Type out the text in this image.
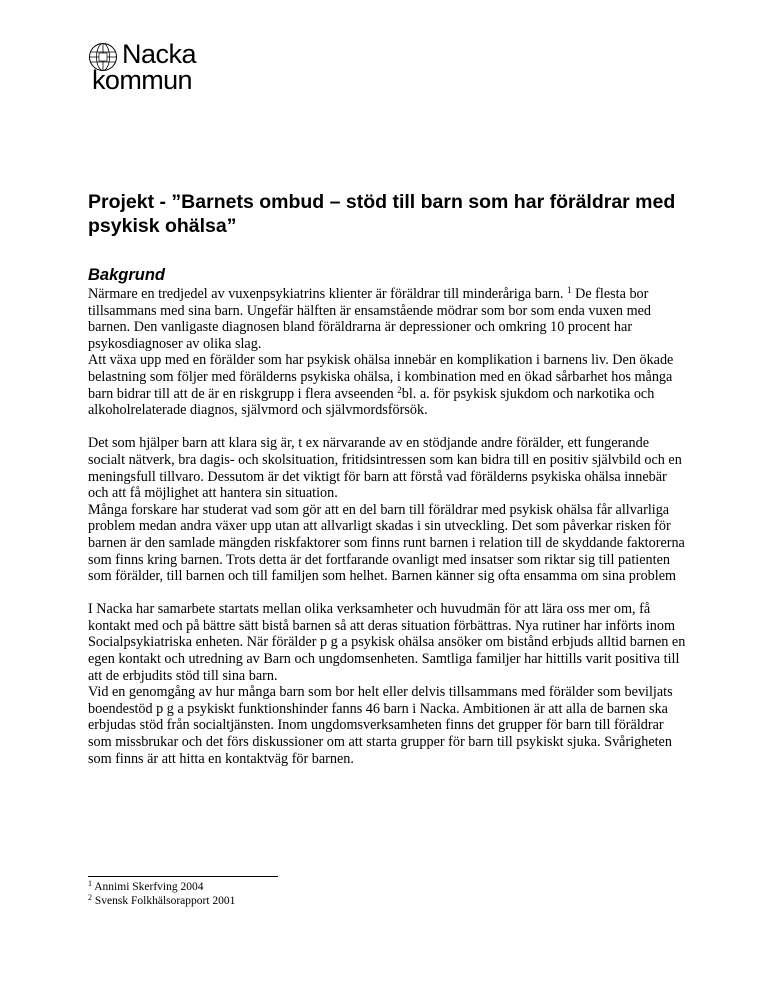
Nacka
kommun
Projekt - ”Barnets ombud – stöd till barn som har föräldrar med psykisk ohälsa”
Bakgrund

Närmare en tredjedel av vuxenpsykiatrins klienter är föräldrar till minderåriga barn. $^1$ De flesta bor tillsammans med sina barn. Ungefär hälften är ensamstående mödrar som bor som enda vuxen med barnen. Den vanligaste diagnosen bland föräldrarna är depressioner och omkring 10 procent har psykosdiagnoser av olika slag.
Att växa upp med en förälder som har psykisk ohälsa innebär en komplikation i barnens liv. Den ökade belastning som följer med förälderns psykiska ohälsa, i kombination med en ökad sårbarhet hos många barn bidrar till att de är en riskgrupp i flera avseenden $^2$bl. a. för psykisk sjukdom och narkotika och alkoholrelaterade diagnos, självmord och självmordsförsök.

Det som hjälper barn att klara sig är, t ex närvarande av en stödjande andre förälder, ett fungerande socialt nätverk, bra dagis- och skolsituation, fritidsintressen som kan bidra till en positiv självbild och en meningsfull tillvaro. Dessutom är det viktigt för barn att förstå vad förälderns psykiska ohälsa innebär och att få möjlighet att hantera sin situation.
Många forskare har studerat vad som gör att en del barn till föräldrar med psykisk ohälsa får allvarliga problem medan andra växer upp utan att allvarligt skadas i sin utveckling. Det som påverkar risken för barnen är den samlade mängden riskfaktorer som finns runt barnen i relation till de skyddande faktorerna som finns kring barnen. Trots detta är det fortfarande ovanligt med insatser som riktar sig till patienten som förälder, till barnen och till familjen som helhet. Barnen känner sig ofta ensamma om sina problem

I Nacka har samarbete startats mellan olika verksamheter och huvudmän för att lära oss mer om, få kontakt med och på bättre sätt bistå barnen så att deras situation förbättras. Nya rutiner har införts inom Socialpsykiatriska enheten. När förälder p g a psykisk ohälsa ansöker om bistånd erbjuds alltid barnen en egen kontakt och utredning av Barn och ungdomsenheten. Samtliga familjer har hittills varit positiva till att de erbjudits stöd till sina barn.
Vid en genomgång av hur många barn som bor helt eller delvis tillsammans med förälder som beviljats boendestöd p g a psykiskt funktionshinder fanns 46 barn i Nacka. Ambitionen är att alla de barnen ska erbjudas stöd från socialtjänsten. Inom ungdomsverksamheten finns det grupper för barn till föräldrar som missbrukar och det förs diskussioner om att starta grupper för barn till psykiskt sjuka. Svårigheten som finns är att hitta en kontaktväg för barnen.

$^1$ Annimi Skerfving 2004
$^2$ Svensk Folkhälsorapport 2001
